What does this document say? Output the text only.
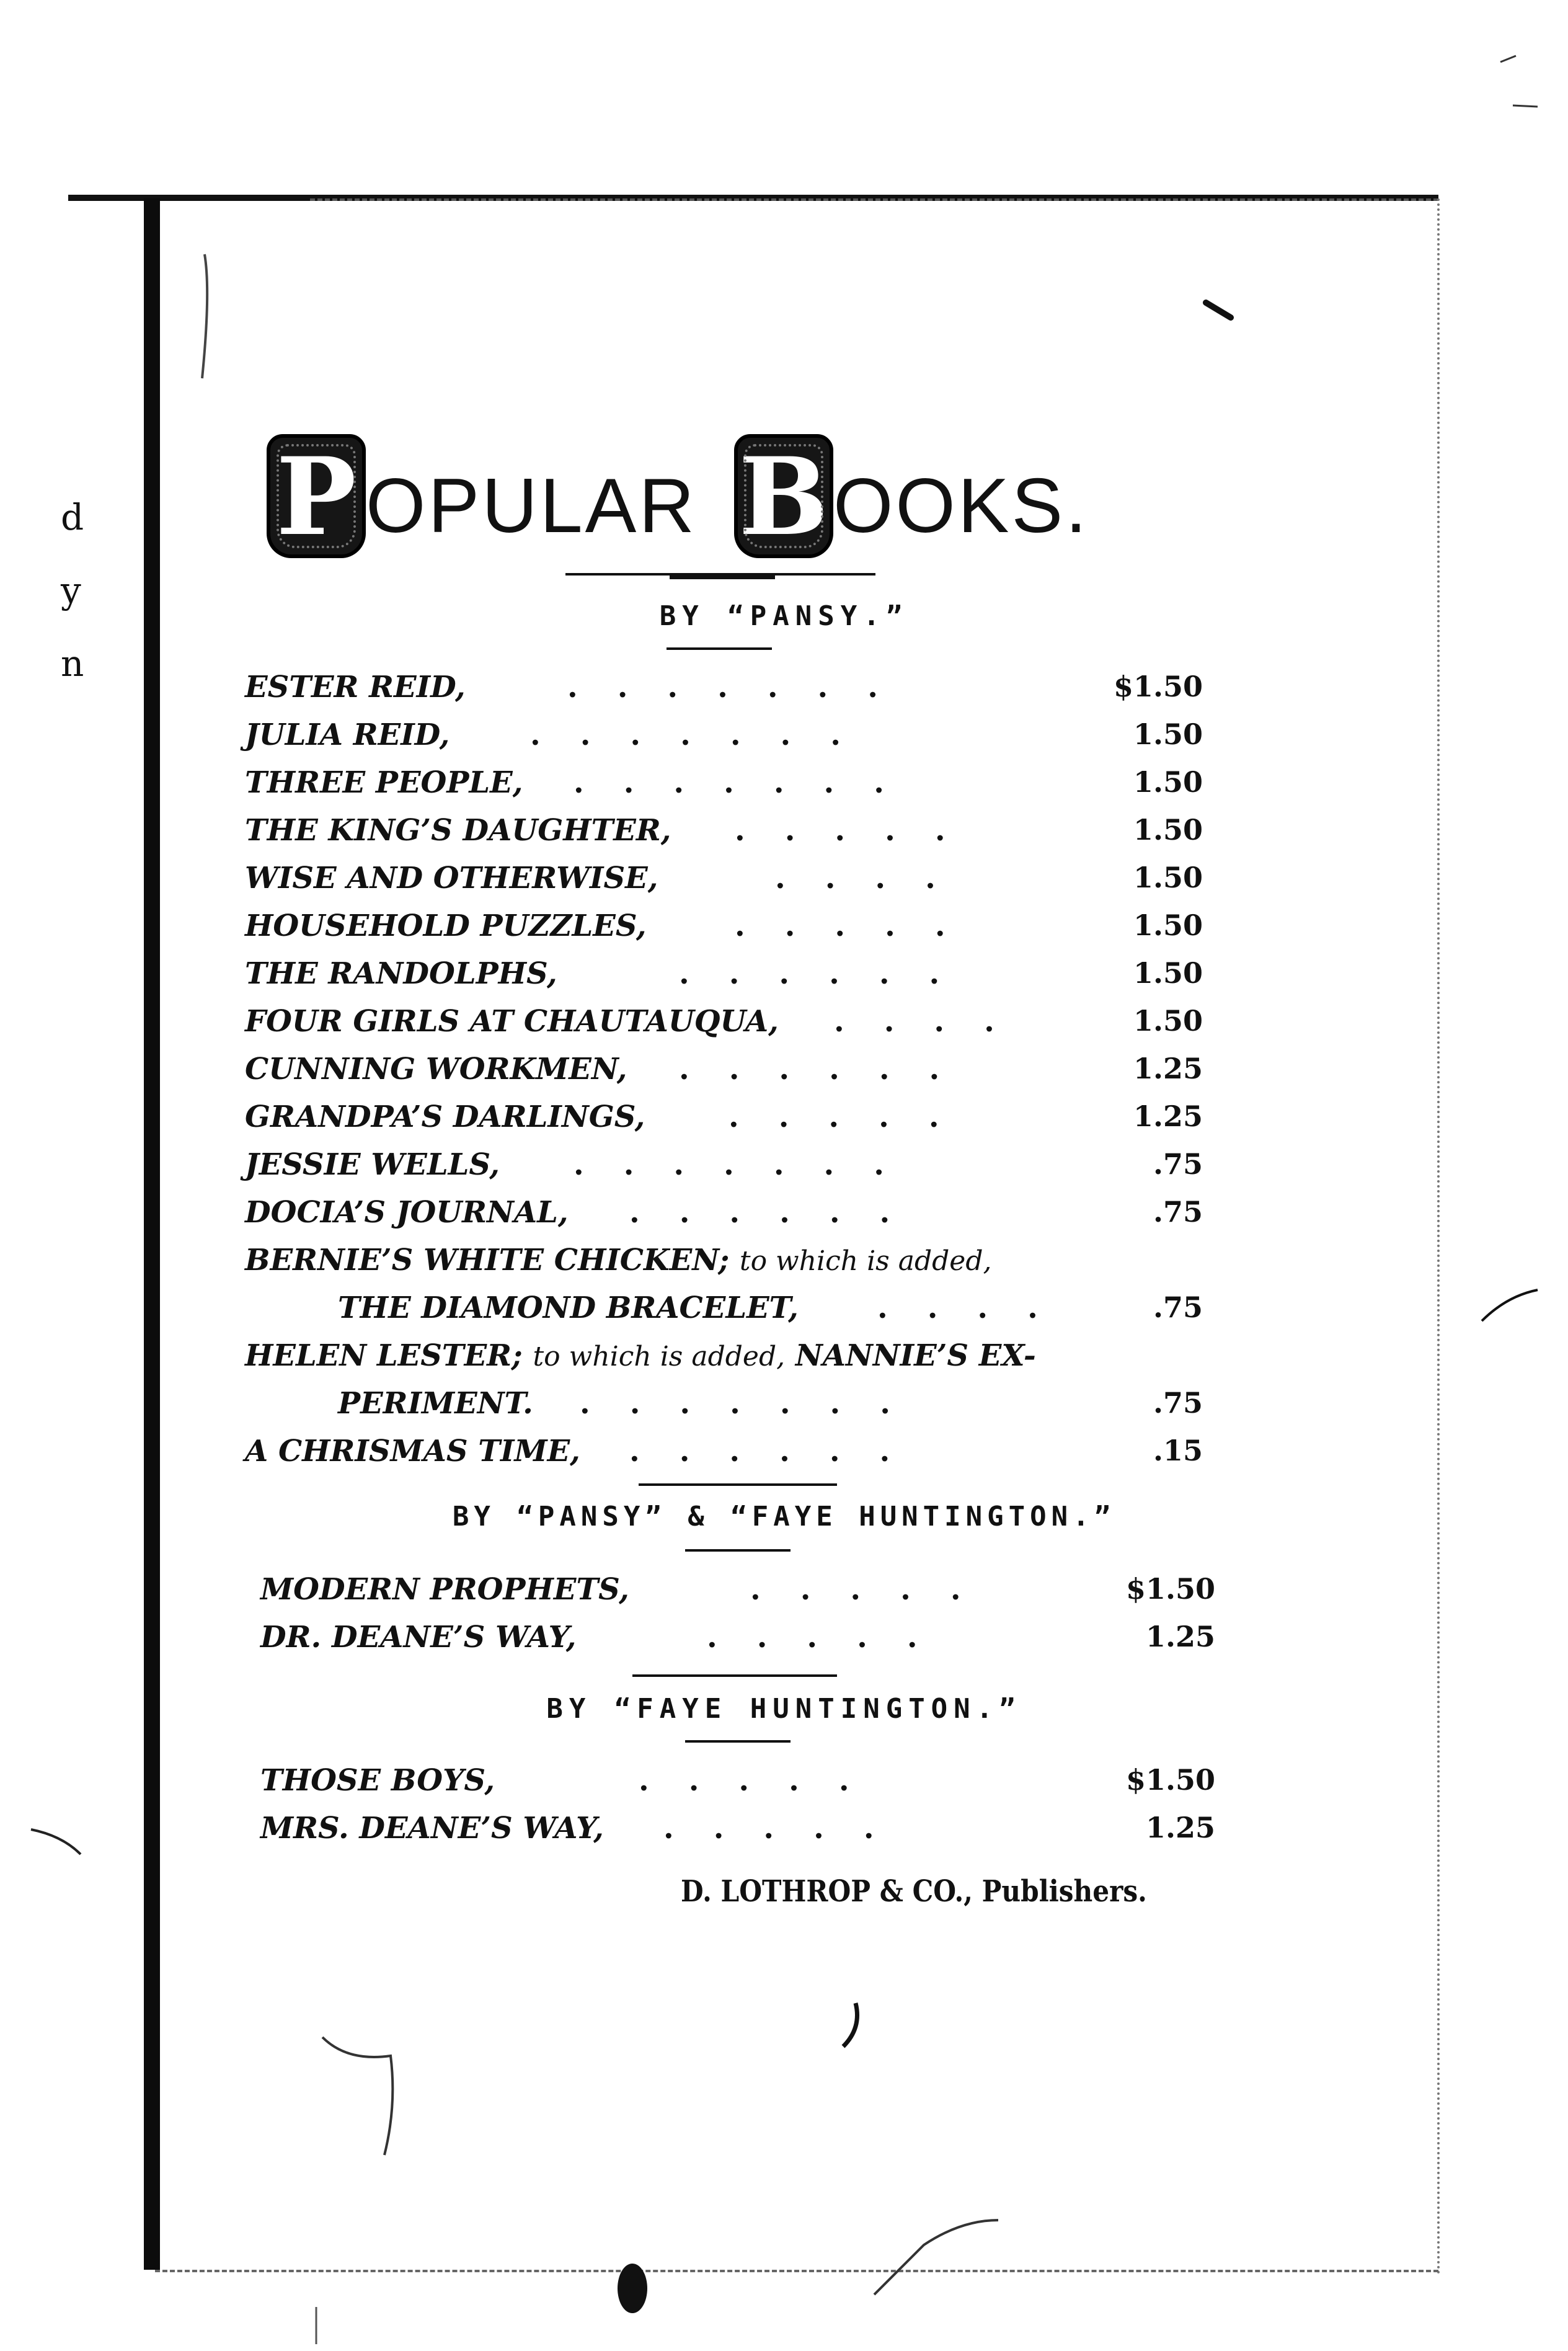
d
y
n
P OPULAR B OOKS.
BY “PANSY.”
ESTER REID,	.......	$1.50
JULIA REID,	.......	1.50
THREE PEOPLE, .......	1.50
THE KING’S DAUGHTER, .....	1.50
WISE AND OTHERWISE,	....	1.50
HOUSEHOLD PUZZLES,	.....	1.50
THE RANDOLPHS,	......	1.50
FOUR GIRLS AT CHAUTAUQUA, ....	1.50
CUNNING WORKMEN, ......	1.25
GRANDPA’S DARLINGS,	.....	1.25
JESSIE WELLS, .......	.75
DOCIA’S JOURNAL, ......	.75
BERNIE’S WHITE CHICKEN; to which is added,
THE DIAMOND BRACELET,	....	.75
HELEN LESTER; to which is added, NANNIE’S EX-
PERIMENT. .......	.75
A CHRISMAS TIME, ......	.15
BY “PANSY” & “FAYE HUNTINGTON.”
MODERN PROPHETS,	.....	$1.50
DR. DEANE’S WAY,	.....	1.25
BY “FAYE HUNTINGTON.”
THOSE BOYS,	.....	$1.50
MRS. DEANE’S WAY, .....	1.25
D. LOTHROP & CO., Publishers.
